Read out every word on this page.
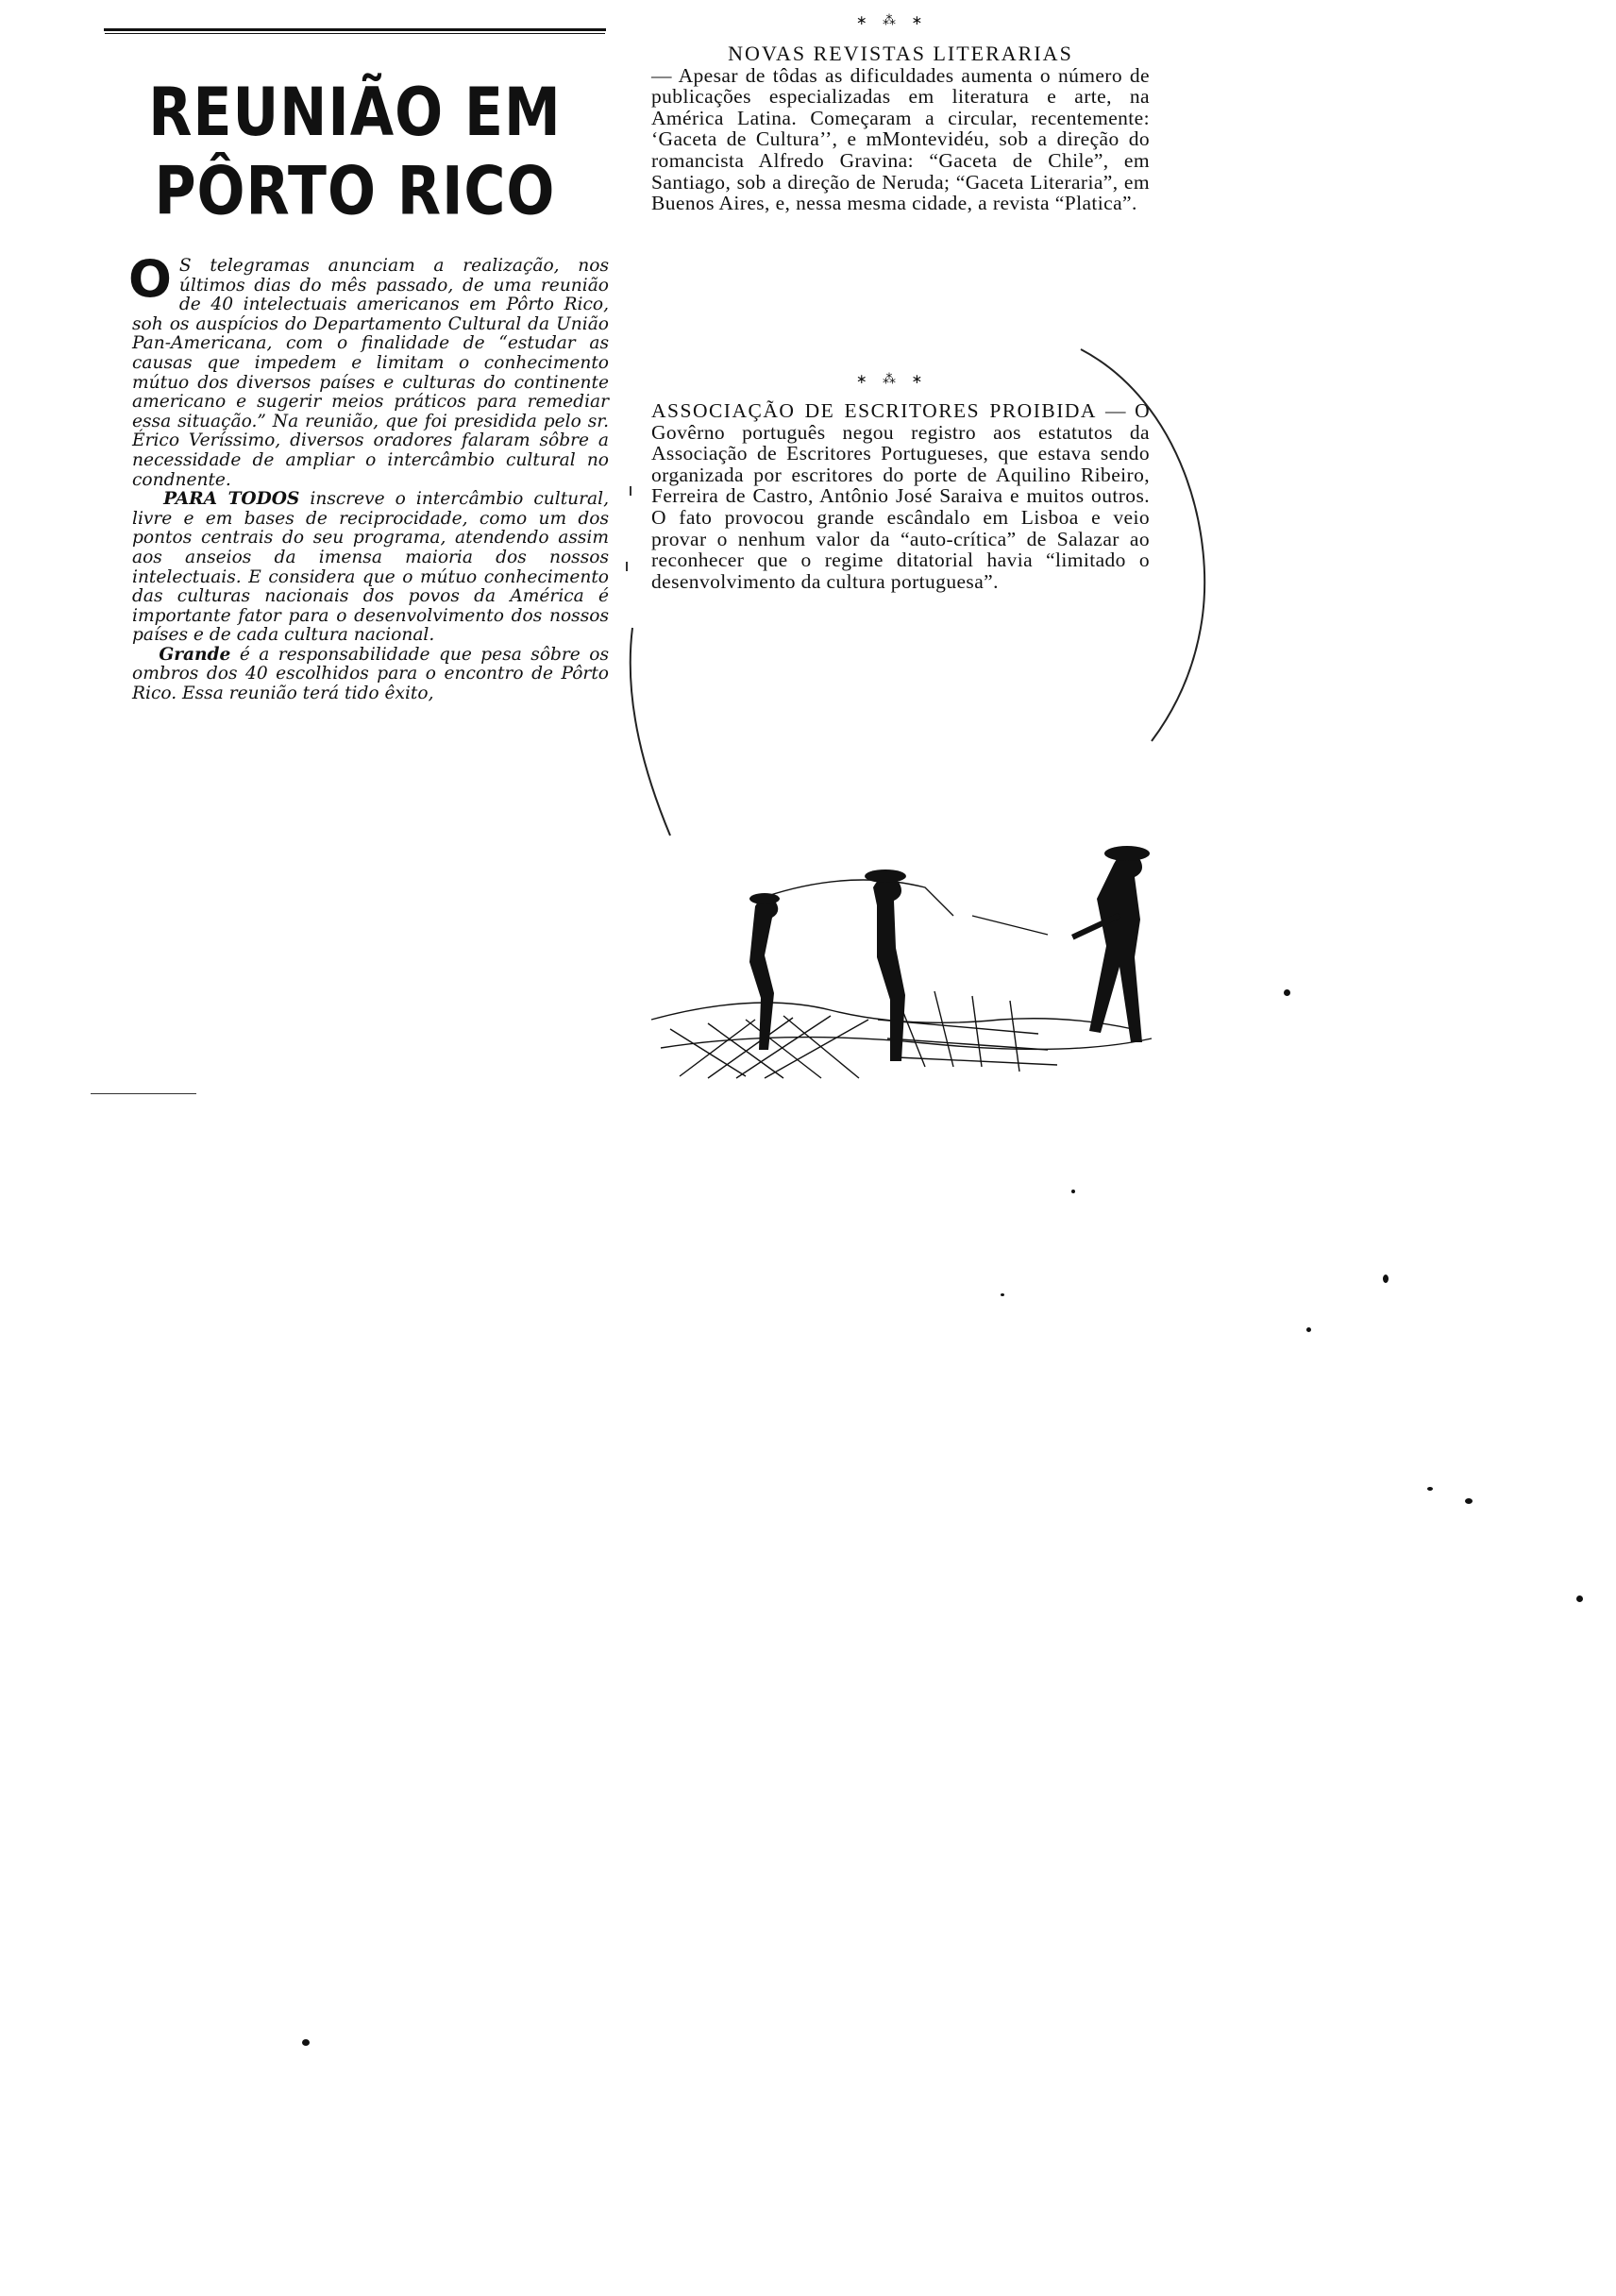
REUNIÃO EM
PÔRTO RICO

O S telegramas anunciam a realização, nos últimos dias do mês passado, de uma reunião de 40 intelectuais americanos em Pôrto Rico, soh os auspícios do Departamento Cultural da União Pan-Americana, com o finalidade de “estudar as causas que impedem e limitam o conhecimento mútuo dos diversos países e culturas do continente americano e sugerir meios práticos para remediar essa situação.” Na reunião, que foi presidida pelo sr. Érico Veríssimo, diversos oradores falaram sôbre a necessidade de ampliar o intercâmbio cultural no condnente.

PARA TODOS inscreve o intercâmbio cultural, livre e em bases de reciprocidade, como um dos pontos centrais do seu programa, atendendo assim aos anseios da imensa maioria dos nossos intelectuais. E considera que o mútuo conhecimento das culturas nacionais dos povos da América é importante fator para o desenvolvimento dos nossos países e de cada cultura nacional.

Grande é a responsabilidade que pesa sôbre os ombros dos 40 escolhidos para o encontro de Pôrto Rico. Essa reunião terá tido êxito,

∗ ⁂ ∗

NOVAS REVISTAS LITERARIAS

— Apesar de tôdas as dificuldades aumenta o número de publicações especializadas em literatura e arte, na América Latina. Começaram a circular, recentemente: ‘Gaceta de Cultura’’, e mMontevidéu, sob a direção do romancista Alfredo Gravina: “Gaceta de Chile”, em Santiago, sob a direção de Neruda; “Gaceta Literaria”, em Buenos Aires, e, nessa mesma cidade, a revista “Platica”.

∗ ⁂ ∗

ASSOCIAÇÃO DE ESCRITORES PROIBIDA — O Govêrno português negou registro aos estatutos da Associação de Escritores Portugueses, que estava sendo organizada por escritores do porte de Aquilino Ribeiro, Ferreira de Castro, Antônio José Saraiva e muitos outros. O fato provocou grande escândalo em Lisboa e veio provar o nenhum valor da “auto-crítica” de Salazar ao reconhecer que o regime ditatorial havia “limitado o desenvolvimento da cultura portuguesa”.
